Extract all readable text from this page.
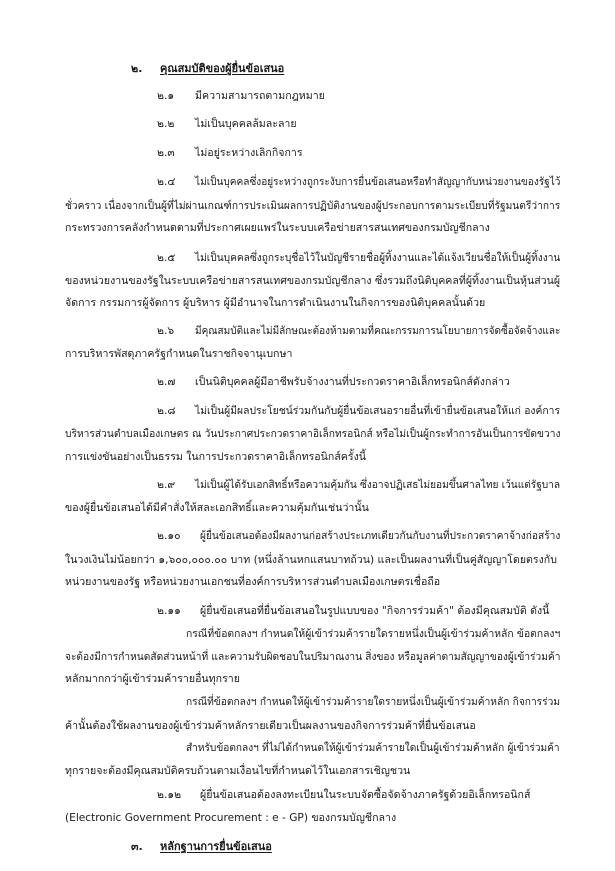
๒. คุณสมบัติของผู้ยื่นข้อเสนอ
๒.๑ มีความสามารถตามกฎหมาย
๒.๒ ไม่เป็นบุคคลล้มละลาย
๒.๓ ไม่อยู่ระหว่างเลิกกิจการ
๒.๔ ไม่เป็นบุคคลซึ่งอยู่ระหว่างถูกระงับการยื่นข้อเสนอหรือทำสัญญากับหน่วยงานของรัฐไว้
ชั่วคราว เนื่องจากเป็นผู้ที่ไม่ผ่านเกณฑ์การประเมินผลการปฏิบัติงานของผู้ประกอบการตามระเบียบที่รัฐมนตรีว่าการ
กระทรวงการคลังกำหนดตามที่ประกาศเผยแพร่ในระบบเครือข่ายสารสนเทศของกรมบัญชีกลาง
๒.๕ ไม่เป็นบุคคลซึ่งถูกระบุชื่อไว้ในบัญชีรายชื่อผู้ทิ้งงานและได้แจ้งเวียนชื่อให้เป็นผู้ทิ้งงาน
ของหน่วยงานของรัฐในระบบเครือข่ายสารสนเทศของกรมบัญชีกลาง ซึ่งรวมถึงนิติบุคคลที่ผู้ทิ้งงานเป็นหุ้นส่วนผู้
จัดการ กรรมการผู้จัดการ ผู้บริหาร ผู้มีอำนาจในการดำเนินงานในกิจการของนิติบุคคลนั้นด้วย
๒.๖ มีคุณสมบัติและไม่มีลักษณะต้องห้ามตามที่คณะกรรมการนโยบายการจัดซื้อจัดจ้างและ
การบริหารพัสดุภาครัฐกำหนดในราชกิจจานุเบกษา
๒.๗ เป็นนิติบุคคลผู้มีอาชีพรับจ้างงานที่ประกวดราคาอิเล็กทรอนิกส์ดังกล่าว
๒.๘ ไม่เป็นผู้มีผลประโยชน์ร่วมกันกับผู้ยื่นข้อเสนอรายอื่นที่เข้ายื่นข้อเสนอให้แก่ องค์การ
บริหารส่วนตำบลเมืองเกษตร ณ วันประกาศประกวดราคาอิเล็กทรอนิกส์ หรือไม่เป็นผู้กระทำการอันเป็นการขัดขวาง
การแข่งขันอย่างเป็นธรรม ในการประกวดราคาอิเล็กทรอนิกส์ครั้งนี้
๒.๙ ไม่เป็นผู้ได้รับเอกสิทธิ์หรือความคุ้มกัน ซึ่งอาจปฏิเสธไม่ยอมขึ้นศาลไทย เว้นแต่รัฐบาล
ของผู้ยื่นข้อเสนอได้มีคำสั่งให้สละเอกสิทธิ์และความคุ้มกันเช่นว่านั้น
๒.๑๐ ผู้ยื่นข้อเสนอต้องมีผลงานก่อสร้างประเภทเดียวกันกับงานที่ประกวดราคาจ้างก่อสร้าง
ในวงเงินไม่น้อยกว่า ๑,๖๐๐,๐๐๐.๐๐ บาท (หนึ่งล้านหกแสนบาทถ้วน) และเป็นผลงานที่เป็นคู่สัญญาโดยตรงกับ
หน่วยงานของรัฐ หรือหน่วยงานเอกชนที่องค์การบริหารส่วนตำบลเมืองเกษตรเชื่อถือ
๒.๑๑ ผู้ยื่นข้อเสนอที่ยื่นข้อเสนอในรูปแบบของ "กิจการร่วมค้า" ต้องมีคุณสมบัติ ดังนี้
กรณีที่ข้อตกลงฯ กำหนดให้ผู้เข้าร่วมค้ารายใดรายหนึ่งเป็นผู้เข้าร่วมค้าหลัก ข้อตกลงฯ
จะต้องมีการกำหนดสัดส่วนหน้าที่ และความรับผิดชอบในปริมาณงาน สิ่งของ หรือมูลค่าตามสัญญาของผู้เข้าร่วมค้า
หลักมากกว่าผู้เข้าร่วมค้ารายอื่นทุกราย
กรณีที่ข้อตกลงฯ กำหนดให้ผู้เข้าร่วมค้ารายใดรายหนึ่งเป็นผู้เข้าร่วมค้าหลัก กิจการร่วม
ค้านั้นต้องใช้ผลงานของผู้เข้าร่วมค้าหลักรายเดียวเป็นผลงานของกิจการร่วมค้าที่ยื่นข้อเสนอ
สำหรับข้อตกลงฯ ที่ไม่ได้กำหนดให้ผู้เข้าร่วมค้ารายใดเป็นผู้เข้าร่วมค้าหลัก ผู้เข้าร่วมค้า
ทุกรายจะต้องมีคุณสมบัติครบถ้วนตามเงื่อนไขที่กำหนดไว้ในเอกสารเชิญชวน
๒.๑๒ ผู้ยื่นข้อเสนอต้องลงทะเบียนในระบบจัดซื้อจัดจ้างภาครัฐด้วยอิเล็กทรอนิกส์
(Electronic Government Procurement : e - GP) ของกรมบัญชีกลาง
๓. หลักฐานการยื่นข้อเสนอ
